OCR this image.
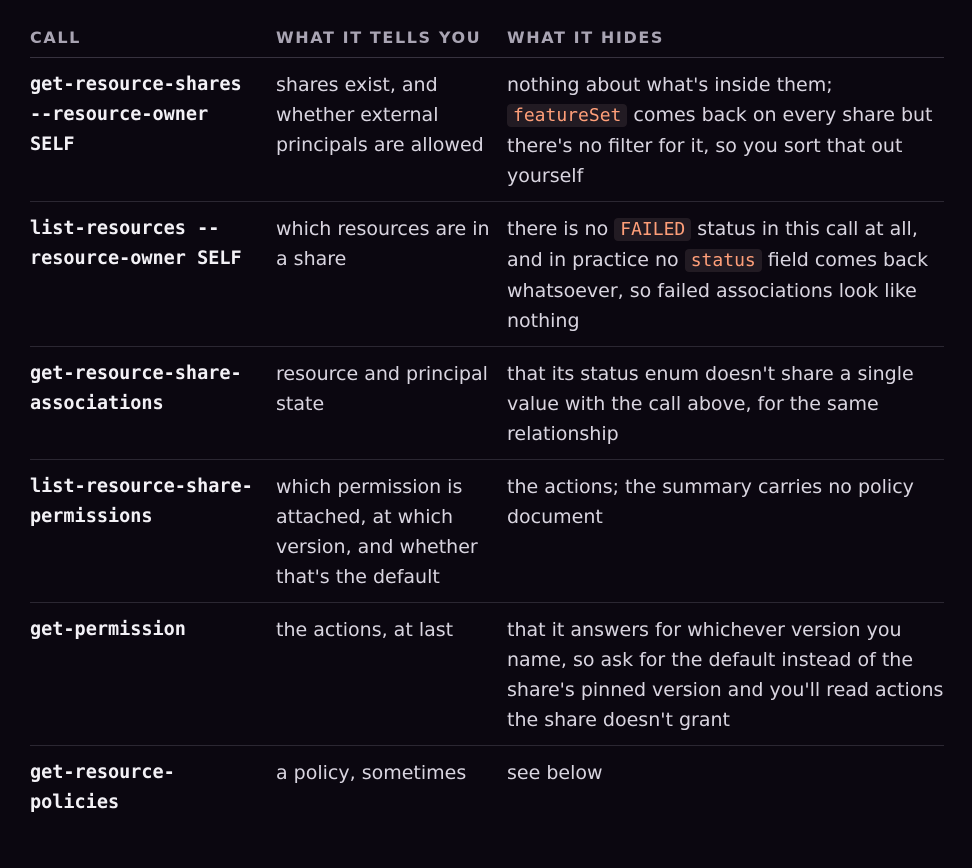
CALL	WHAT IT TELLS YOU	WHAT IT HIDES
get-resource-shares --resource-owner SELF	shares exist, and whether external principals are allowed	nothing about what's inside them; featureSet comes back on every share but there's no filter for it, so you sort that out yourself
list-resources --resource-owner SELF	which resources are in a share	there is no FAILED status in this call at all, and in practice no status field comes back whatsoever, so failed associations look like nothing
get-resource-share-associations	resource and principal state	that its status enum doesn't share a single value with the call above, for the same relationship
list-resource-share-permissions	which permission is attached, at which version, and whether that's the default	the actions; the summary carries no policy document
get-permission	the actions, at last	that it answers for whichever version you name, so ask for the default instead of the share's pinned version and you'll read actions the share doesn't grant
get-resource-policies	a policy, sometimes	see below
